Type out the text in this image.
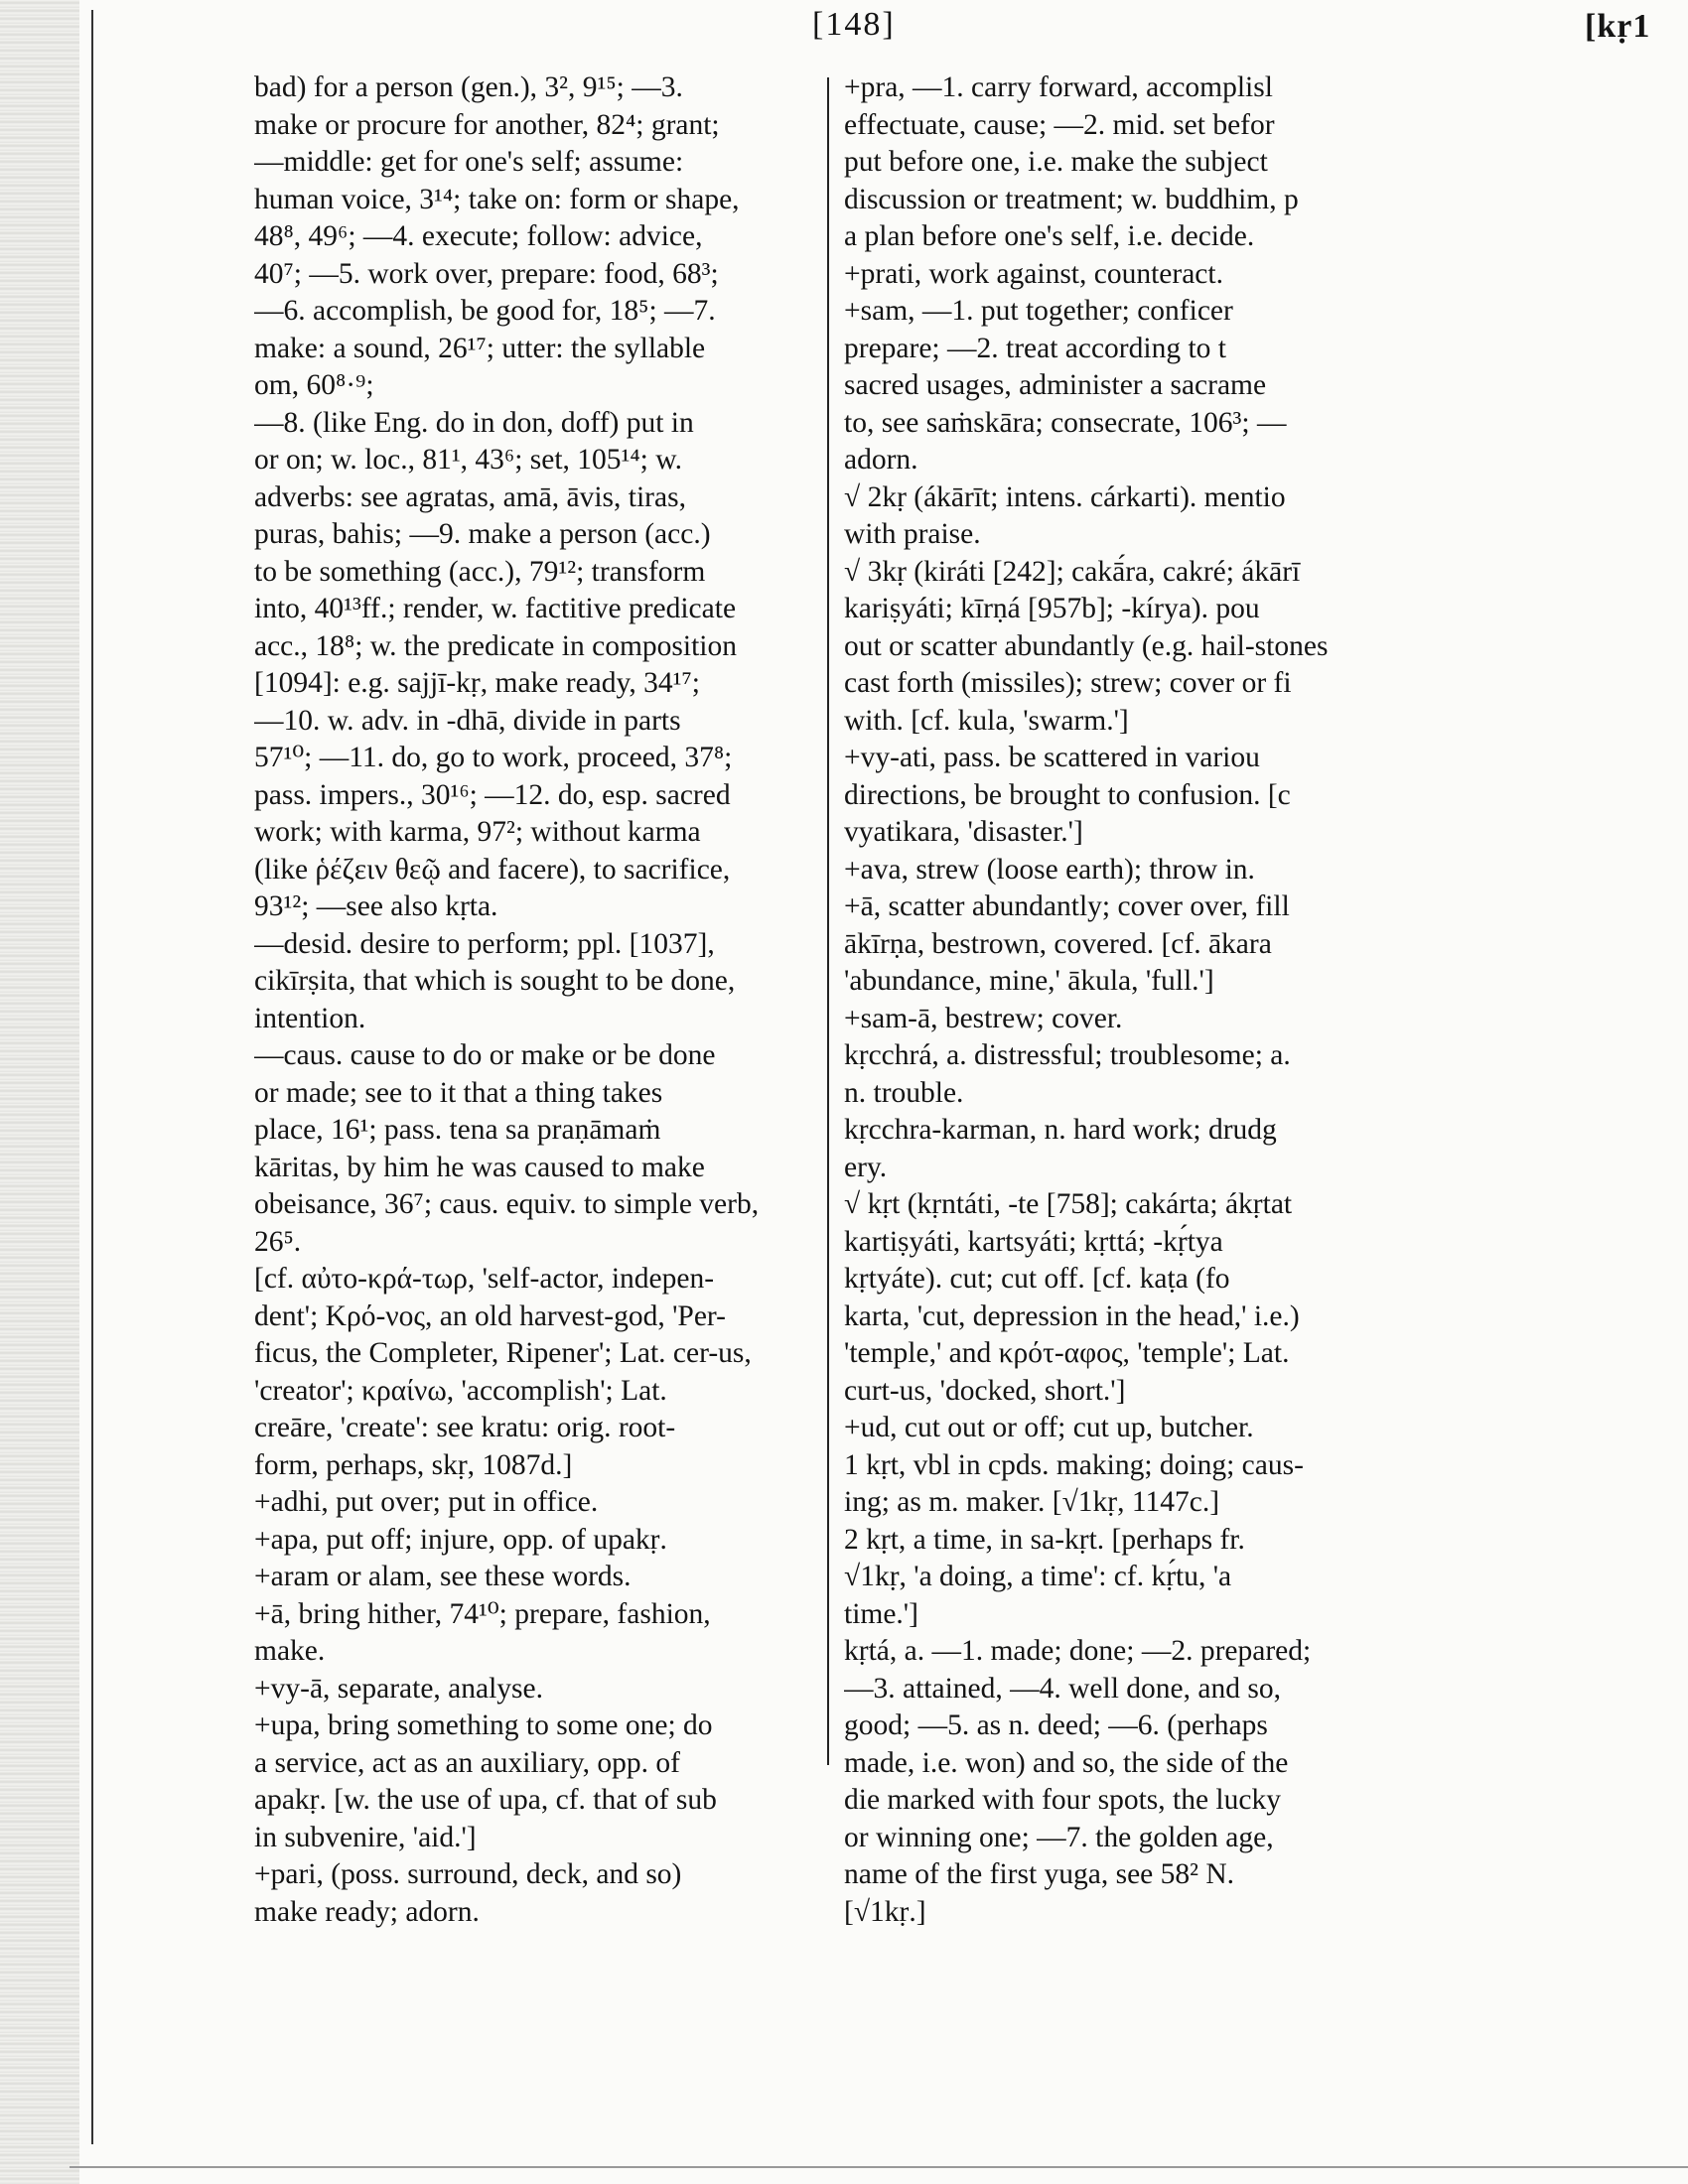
[148]	[kṛ1
bad) for a person (gen.), 3², 9¹⁵; —3.
make or procure for another, 82⁴; grant;
—middle: get for one's self; assume:
human voice, 3¹⁴; take on: form or shape,
48⁸, 49⁶; —4. execute; follow: advice,
40⁷; —5. work over, prepare: food, 68³;
—6. accomplish, be good for, 18⁵; —7.
make: a sound, 26¹⁷; utter: the syllable
om, 60⁸·⁹;
—8. (like Eng. do in don, doff) put in
or on; w. loc., 81¹, 43⁶; set, 105¹⁴; w.
adverbs: see agratas, amā, āvis, tiras,
puras, bahis; —9. make a person (acc.)
to be something (acc.), 79¹²; transform
into, 40¹³ff.; render, w. factitive predicate
acc., 18⁸; w. the predicate in composition
[1094]: e.g. sajjī-kṛ, make ready, 34¹⁷;
—10. w. adv. in -dhā, divide in parts
57¹⁰; —11. do, go to work, proceed, 37⁸;
pass. impers., 30¹⁶; —12. do, esp. sacred
work; with karma, 97²; without karma
(like ῥέζειν θεῷ and facere), to sacrifice,
93¹²; —see also kṛta.
—desid. desire to perform; ppl. [1037],
cikīrṣita, that which is sought to be done,
intention.
—caus. cause to do or make or be done
or made; see to it that a thing takes
place, 16¹; pass. tena sa praṇāmaṁ
kāritas, by him he was caused to make
obeisance, 36⁷; caus. equiv. to simple verb,
26⁵.
[cf. αὐτο-κρά-τωρ, 'self-actor, indepen-
dent'; Κρό-νος, an old harvest-god, 'Per-
ficus, the Completer, Ripener'; Lat. cer-us,
'creator'; κραίνω, 'accomplish'; Lat.
creāre, 'create': see kratu: orig. root-
form, perhaps, skṛ, 1087d.]
+adhi, put over; put in office.
+apa, put off; injure, opp. of upakṛ.
+aram or alam, see these words.
+ā, bring hither, 74¹⁰; prepare, fashion,
make.
+vy-ā, separate, analyse.
+upa, bring something to some one; do
a service, act as an auxiliary, opp. of
apakṛ. [w. the use of upa, cf. that of sub
in subvenire, 'aid.']
+pari, (poss. surround, deck, and so)
make ready; adorn.
+pra, —1. carry forward, accomplisl
effectuate, cause; —2. mid. set befor
put before one, i.e. make the subject
discussion or treatment; w. buddhim, p
a plan before one's self, i.e. decide.
+prati, work against, counteract.
+sam, —1. put together; conficer
prepare; —2. treat according to t
sacred usages, administer a sacrame
to, see saṁskāra; consecrate, 106³; —
adorn.
√ 2kṛ (ákārīt; intens. cárkarti). mentio
with praise.
√ 3kṛ (kiráti [242]; cakā́ra, cakré; ákārī
kariṣyáti; kīrṇá [957b]; -kírya). pou
out or scatter abundantly (e.g. hail-stones
cast forth (missiles); strew; cover or fi
with. [cf. kula, 'swarm.']
+vy-ati, pass. be scattered in variou
directions, be brought to confusion. [c
vyatikara, 'disaster.']
+ava, strew (loose earth); throw in.
+ā, scatter abundantly; cover over, fill
ākīrṇa, bestrown, covered. [cf. ākara
'abundance, mine,' ākula, 'full.']
+sam-ā, bestrew; cover.
kṛcchrá, a. distressful; troublesome; a.
n. trouble.
kṛcchra-karman, n. hard work; drudg
ery.
√ kṛt (kṛntáti, -te [758]; cakárta; ákṛtat
kartiṣyáti, kartsyáti; kṛttá; -kṛ́tya
kṛtyáte). cut; cut off. [cf. kaṭa (fo
karta, 'cut, depression in the head,' i.e.)
'temple,' and κρότ-αφος, 'temple'; Lat.
curt-us, 'docked, short.']
+ud, cut out or off; cut up, butcher.
1 kṛt, vbl in cpds. making; doing; caus-
ing; as m. maker. [√1kṛ, 1147c.]
2 kṛt, a time, in sa-kṛt. [perhaps fr.
√1kṛ, 'a doing, a time': cf. kṛ́tu, 'a
time.']
kṛtá, a. —1. made; done; —2. prepared;
—3. attained, —4. well done, and so,
good; —5. as n. deed; —6. (perhaps
made, i.e. won) and so, the side of the
die marked with four spots, the lucky
or winning one; —7. the golden age,
name of the first yuga, see 58² N.
[√1kṛ.]
